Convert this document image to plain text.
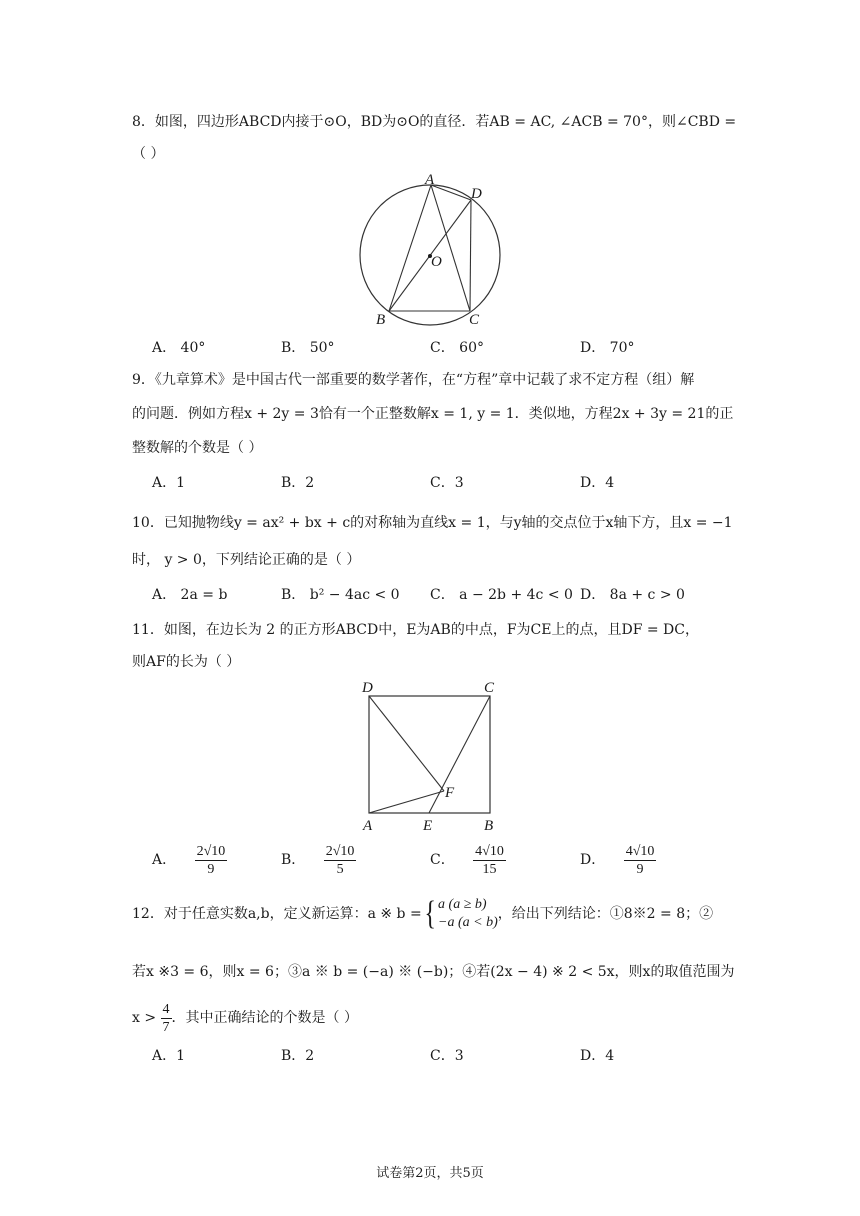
8．如图，四边形ABCD内接于⊙O，BD为⊙O的直径．若AB = AC, ∠ACB = 70°，则∠CBD =
（ ）
A
D
O
B	C
A． 40°	B． 50°	C． 60°	D． 70°
9．《九章算术》是中国古代一部重要的数学著作，在“方程”章中记载了求不定方程（组）解
的问题．例如方程x + 2y = 3恰有一个正整数解x = 1, y = 1．类似地，方程2x + 3y = 21的正
整数解的个数是（ ）
A．1	B．2	C．3	D．4
10．已知抛物线y = ax² + bx + c的对称轴为直线x = 1，与y轴的交点位于x轴下方，且x = −1
时， y > 0，下列结论正确的是（ ）
A． 2a = b	B． b² − 4ac < 0 C． a − 2b + 4c < 0 D． 8a + c > 0
11．如图，在边长为 2 的正方形ABCD中，E为AB的中点，F为CE上的点，且DF = DC，
则AF的长为（ ）
D	C
F
A	E	B
A． $\frac{2√10}{9}$	B． $\frac{2√10}{5}$	C． $\frac{4√10}{15}$	D． $\frac{4√10}{9}$
12．对于任意实数a,b，定义新运算：a ※ b ={ a (a ≥ b)
−a (a < b)
，给出下列结论：①8※2 = 8；②
若x ※3 = 6，则x = 6；③a ※ b = (−a) ※ (−b)；④若(2x − 4) ※ 2 < 5x，则x的取值范围为
$x > \frac{4}{7}$ ．其中正确结论的个数是（ ）
A．1	B．2	C．3	D．4
试卷第2页，共5页
